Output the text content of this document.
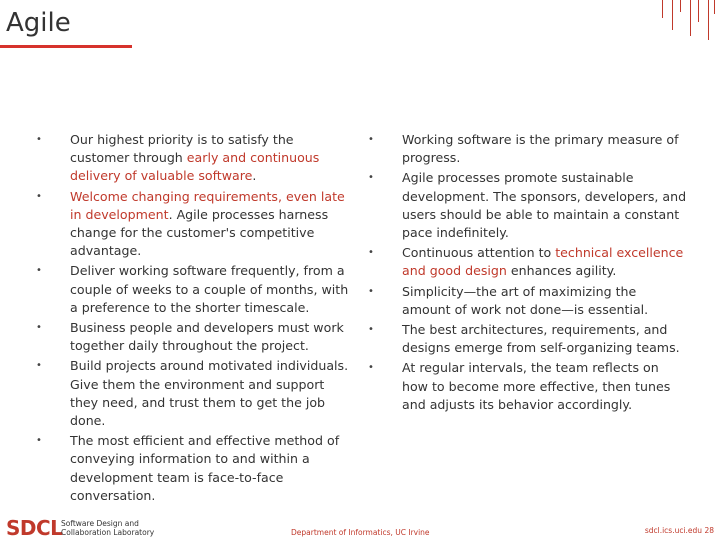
Agile
• Our highest priority is to satisfy the customer through early and continuous delivery of valuable software.
• Welcome changing requirements, even late in development. Agile processes harness change for the customer's competitive advantage.
• Deliver working software frequently, from a couple of weeks to a couple of months, with a preference to the shorter timescale.
• Business people and developers must work together daily throughout the project.
• Build projects around motivated individuals. Give them the environment and support they need, and trust them to get the job done.
• The most efficient and effective method of conveying information to and within a development team is face-to-face conversation.
• Working software is the primary measure of progress.
• Agile processes promote sustainable development. The sponsors, developers, and users should be able to maintain a constant pace indefinitely.
• Continuous attention to technical excellence and good design enhances agility.
• Simplicity—the art of maximizing the amount of work not done—is essential.
• The best architectures, requirements, and designs emerge from self-organizing teams.
• At regular intervals, the team reflects on how to become more effective, then tunes and adjusts its behavior accordingly.
SDCL
Software Design and
Collaboration Laboratory	Department of Informatics, UC Irvine	sdcl.ics.uci.edu 28
